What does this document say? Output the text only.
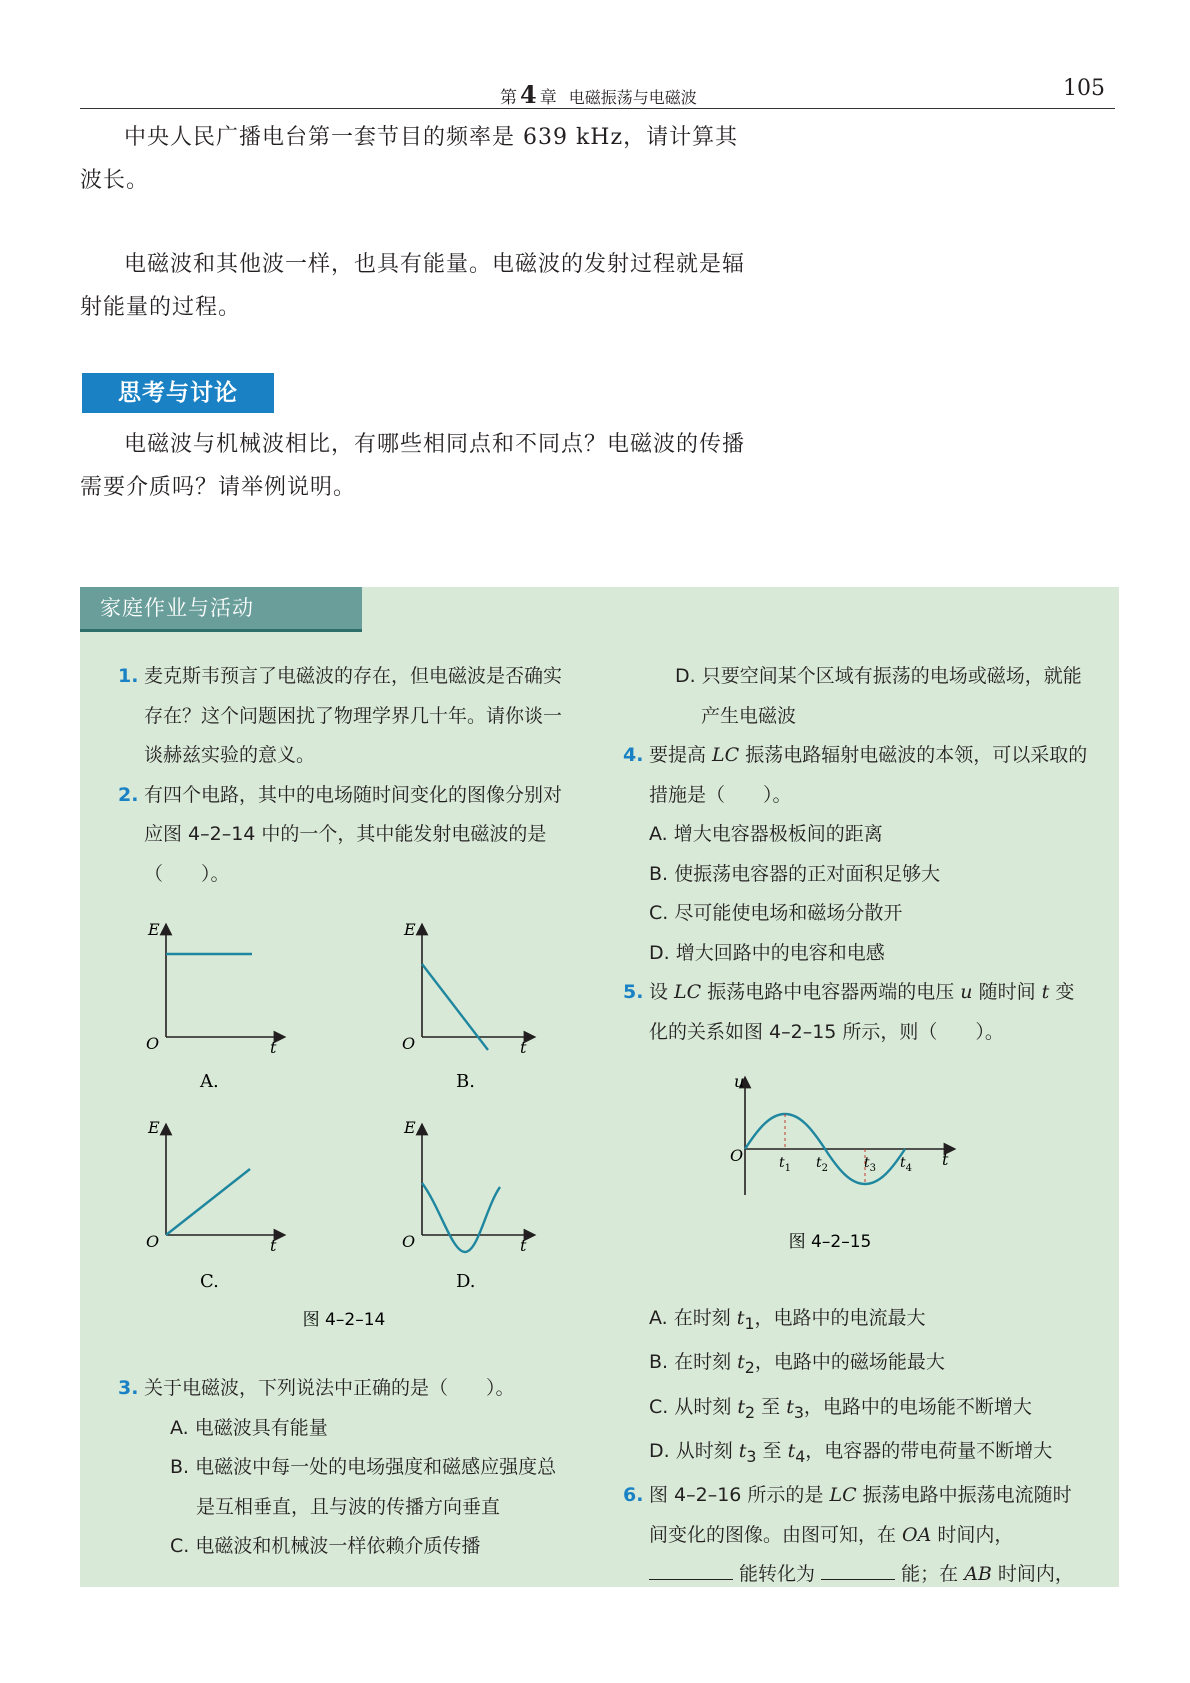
第 4 章 电磁振荡与电磁波	105
中央人民广播电台第一套节目的频率是 639 kHz，请计算其波长。
电磁波和其他波一样，也具有能量。电磁波的发射过程就是辐射能量的过程。
思考与讨论
电磁波与机械波相比，有哪些相同点和不同点？电磁波的传播需要介质吗？请举例说明。
家庭作业与活动
1. 麦克斯韦预言了电磁波的存在，但电磁波是否确实存在？这个问题困扰了物理学界几十年。请你谈一谈赫兹实验的意义。
2. 有四个电路，其中的电场随时间变化的图像分别对应图 4–2–14 中的一个，其中能发射电磁波的是（　　）。
E
O	t
A.
E
O	t
B.
E
O	t
C.
E
O	t
D.
图 4–2–14
3. 关于电磁波，下列说法中正确的是（　　）。
A. 电磁波具有能量
B. 电磁波中每一处的电场强度和磁感应强度总是互相垂直，且与波的传播方向垂直
C. 电磁波和机械波一样依赖介质传播
D. 只要空间某个区域有振荡的电场或磁场，就能产生电磁波
4. 要提高 LC 振荡电路辐射电磁波的本领，可以采取的措施是（　　）。
A. 增大电容器极板间的距离
B. 使振荡电容器的正对面积足够大
C. 尽可能使电场和磁场分散开
D. 增大回路中的电容和电感
5. 设 LC 振荡电路中电容器两端的电压 u 随时间 t 变化的关系如图 4–2–15 所示，则（　　）。
u
O	t
$t_1$ $t_2$	$t_3$ $t_4$
图 4–2–15
A. 在时刻 $t_1$，电路中的电流最大
B. 在时刻 $t_2$，电路中的磁场能最大
C. 从时刻 $t_2$ 至 $t_3$，电路中的电场能不断增大
D. 从时刻 $t_3$ 至 $t_4$，电容器的带电荷量不断增大
6. 图 4–2–16 所示的是 LC 振荡电路中振荡电流随时间变化的图像。由图可知，在 OA 时间内，
能转化为	能；在 AB 时间内，
